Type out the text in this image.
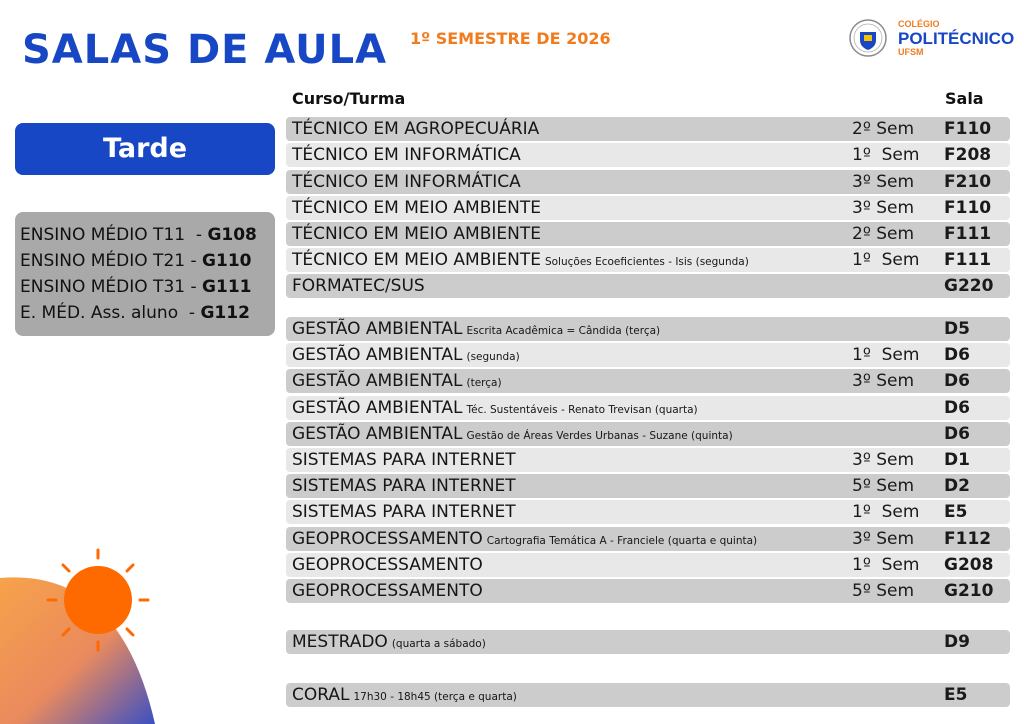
SALAS DE AULA 1º SEMESTRE DE 2026
COLÉGIO
POLITÉCNICO
UFSM
Tarde
ENSINO MÉDIO T11  - G108
ENSINO MÉDIO T21 - G110
ENSINO MÉDIO T31 - G111
E. MÉD. Ass. aluno  - G112
Curso/Turma	Sala
TÉCNICO EM AGROPECUÁRIA	2º Sem F110
TÉCNICO EM INFORMÁTICA	1º  Sem F208
TÉCNICO EM INFORMÁTICA	3º Sem F210
TÉCNICO EM MEIO AMBIENTE	3º Sem F110
TÉCNICO EM MEIO AMBIENTE	2º Sem F111
TÉCNICO EM MEIO AMBIENTE Soluções Ecoeficientes - Isis (segunda)	1º  Sem F111
FORMATEC/SUS	G220
GESTÃO AMBIENTAL Escrita Acadêmica = Cândida (terça)	D5
GESTÃO AMBIENTAL (segunda)	1º  Sem D6
GESTÃO AMBIENTAL (terça)	3º Sem D6
GESTÃO AMBIENTAL Téc. Sustentáveis - Renato Trevisan (quarta)	D6
GESTÃO AMBIENTAL Gestão de Áreas Verdes Urbanas - Suzane (quinta)	D6
SISTEMAS PARA INTERNET	3º Sem D1
SISTEMAS PARA INTERNET	5º Sem D2
SISTEMAS PARA INTERNET	1º  Sem E5
GEOPROCESSAMENTO Cartografia Temática A - Franciele (quarta e quinta)	3º Sem F112
GEOPROCESSAMENTO	1º  Sem G208
GEOPROCESSAMENTO	5º Sem G210
MESTRADO (quarta a sábado)	D9
CORAL 17h30 - 18h45 (terça e quarta)	E5
